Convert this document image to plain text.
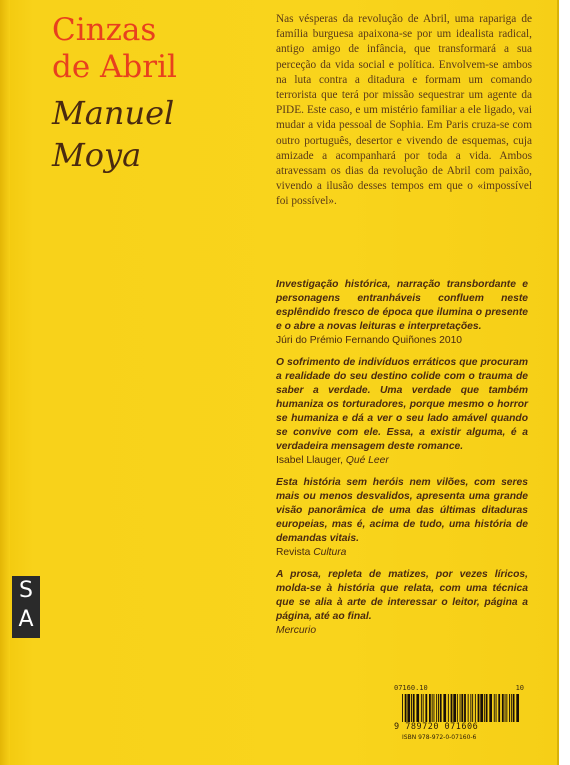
Cinzas
de Abril
Manuel
Moya

Nas vésperas da revolução de Abril, uma rapariga de família burguesa apaixona-se por um idealista radical, antigo amigo de infância, que transformará a sua perceção da vida social e política. Envolvem-se ambos na luta contra a ditadura e formam um comando terrorista que terá por missão sequestrar um agente da PIDE. Este caso, e um mistério familiar a ele ligado, vai mudar a vida pessoal de Sophia. Em Paris cruza-se com outro português, desertor e vivendo de esquemas, cuja amizade a acompanhará por toda a vida. Ambos atravessam os dias da revolução de Abril com paixão, vivendo a ilusão desses tempos em que o «impossível foi possível».

Investigação histórica, narração transbordante e personagens entranháveis confluem neste esplêndido fresco de época que ilumina o presente e o abre a novas leituras e interpretações.

Júri do Prémio Fernando Quiñones 2010

O sofrimento de indivíduos erráticos que procuram a realidade do seu destino colide com o trauma de saber a verdade. Uma verdade que também humaniza os torturadores, porque mesmo o horror se humaniza e dá a ver o seu lado amável quando se convive com ele. Essa, a existir alguma, é a verdadeira mensagem deste romance.

Isabel Llauger, Qué Leer

Esta história sem heróis nem vilões, com seres mais ou menos desvalidos, apresenta uma grande visão panorâmica de uma das últimas ditaduras europeias, mas é, acima de tudo, uma história de demandas vitais.

Revista Cultura

A prosa, repleta de matizes, por vezes líricos, molda-se à história que relata, com uma técnica que se alia à arte de interessar o leitor, página a página, até ao final.

Mercurio

S
A
07160.10	10
9 789720 071606
ISBN 978-972-0-07160-6
